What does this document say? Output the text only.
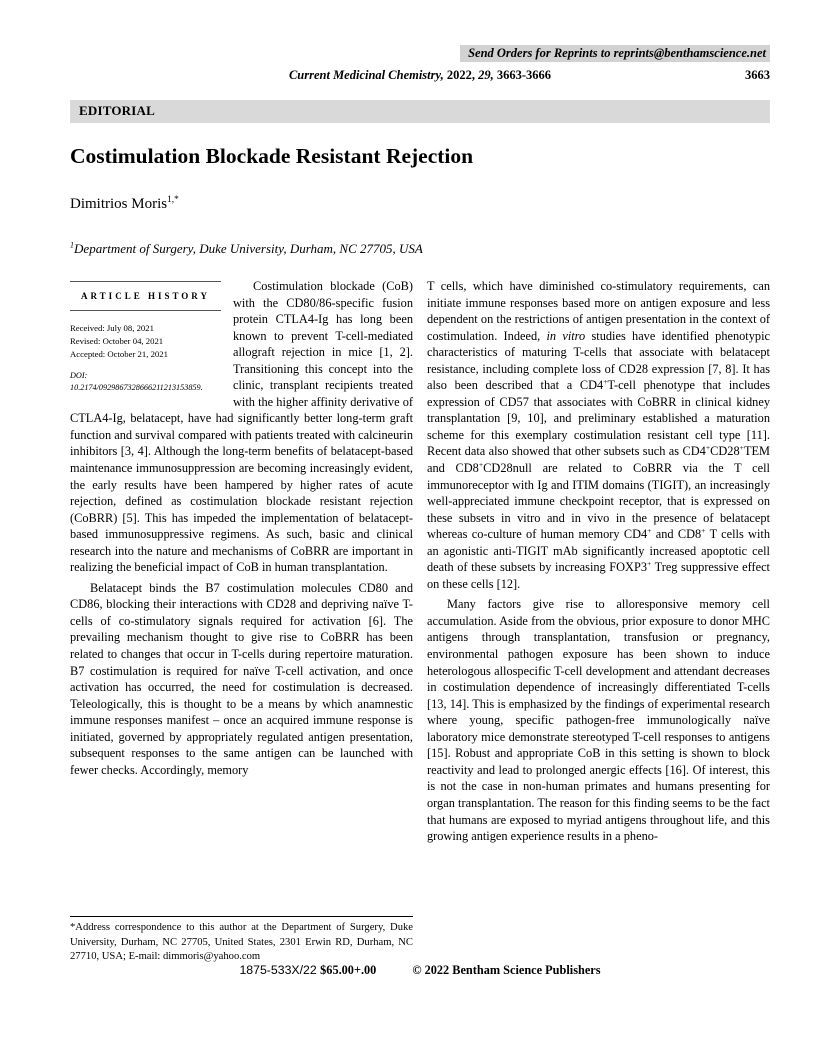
Send Orders for Reprints to reprints@benthamscience.net
Current Medicinal Chemistry, 2022, 29, 3663-3666	3663
EDITORIAL
Costimulation Blockade Resistant Rejection
Dimitrios Moris$^{1,*}$
$^1$Department of Surgery, Duke University, Durham, NC 27705, USA
ARTICLE HISTORY
Received: July 08, 2021
Revised: October 04, 2021
Accepted: October 21, 2021
DOI:
10.2174/0929867328666211213153859.
Costimulation blockade (CoB) with the CD80/86-specific fusion protein CTLA4-Ig has long been known to prevent T-cell-mediated allograft rejection in mice [1, 2]. Transitioning this concept into the clinic, transplant recipients treated with the higher affinity derivative of CTLA4-Ig, belatacept, have had significantly better long-term graft function and survival compared with patients treated with calcineurin inhibitors [3, 4]. Although the long-term benefits of belatacept-based maintenance immunosuppression are becoming increasingly evident, the early results have been hampered by higher rates of acute rejection, defined as costimulation blockade resistant rejection (CoBRR) [5]. This has impeded the implementation of belatacept-based immunosuppressive regimens. As such, basic and clinical research into the nature and mechanisms of CoBRR are important in realizing the beneficial impact of CoB in human transplantation.
Belatacept binds the B7 costimulation molecules CD80 and CD86, blocking their interactions with CD28 and depriving naïve T-cells of co-stimulatory signals required for activation [6]. The prevailing mechanism thought to give rise to CoBRR has been related to changes that occur in T-cells during repertoire maturation. B7 costimulation is required for naïve T-cell activation, and once activation has occurred, the need for costimulation is decreased. Teleologically, this is thought to be a means by which anamnestic immune responses manifest – once an acquired immune response is initiated, governed by appropriately regulated antigen presentation, subsequent responses to the same antigen can be launched with fewer checks. Accordingly, memory
*Address correspondence to this author at the Department of Surgery, Duke University, Durham, NC 27705, United States, 2301 Erwin RD, Durham, NC 27710, USA; E-mail: dimmoris@yahoo.com
T cells, which have diminished co-stimulatory requirements, can initiate immune responses based more on antigen exposure and less dependent on the restrictions of antigen presentation in the context of costimulation. Indeed, in vitro studies have identified phenotypic characteristics of maturing T-cells that associate with belatacept resistance, including complete loss of CD28 expression [7, 8]. It has also been described that a CD4+T-cell phenotype that includes expression of CD57 that associates with CoBRR in clinical kidney transplantation [9, 10], and preliminary established a maturation scheme for this exemplary costimulation resistant cell type [11]. Recent data also showed that other subsets such as CD4+CD28+TEM and CD8+CD28null are related to CoBRR via the T cell immunoreceptor with Ig and ITIM domains (TIGIT), an increasingly well-appreciated immune checkpoint receptor, that is expressed on these subsets in vitro and in vivo in the presence of belatacept whereas co-culture of human memory CD4+ and CD8+ T cells with an agonistic anti-TIGIT mAb significantly increased apoptotic cell death of these subsets by increasing FOXP3+ Treg suppressive effect on these cells [12].
Many factors give rise to alloresponsive memory cell accumulation. Aside from the obvious, prior exposure to donor MHC antigens through transplantation, transfusion or pregnancy, environmental pathogen exposure has been shown to induce heterologous allospecific T-cell development and attendant decreases in costimulation dependence of increasingly differentiated T-cells [13, 14]. This is emphasized by the findings of experimental research where young, specific pathogen-free immunologically naïve laboratory mice demonstrate stereotyped T-cell responses to antigens [15]. Robust and appropriate CoB in this setting is shown to block reactivity and lead to prolonged anergic effects [16]. Of interest, this is not the case in non-human primates and humans presenting for organ transplantation. The reason for this finding seems to be the fact that humans are exposed to myriad antigens throughout life, and this growing antigen experience results in a pheno-
1875-533X/22 $65.00+.00	© 2022 Bentham Science Publishers
